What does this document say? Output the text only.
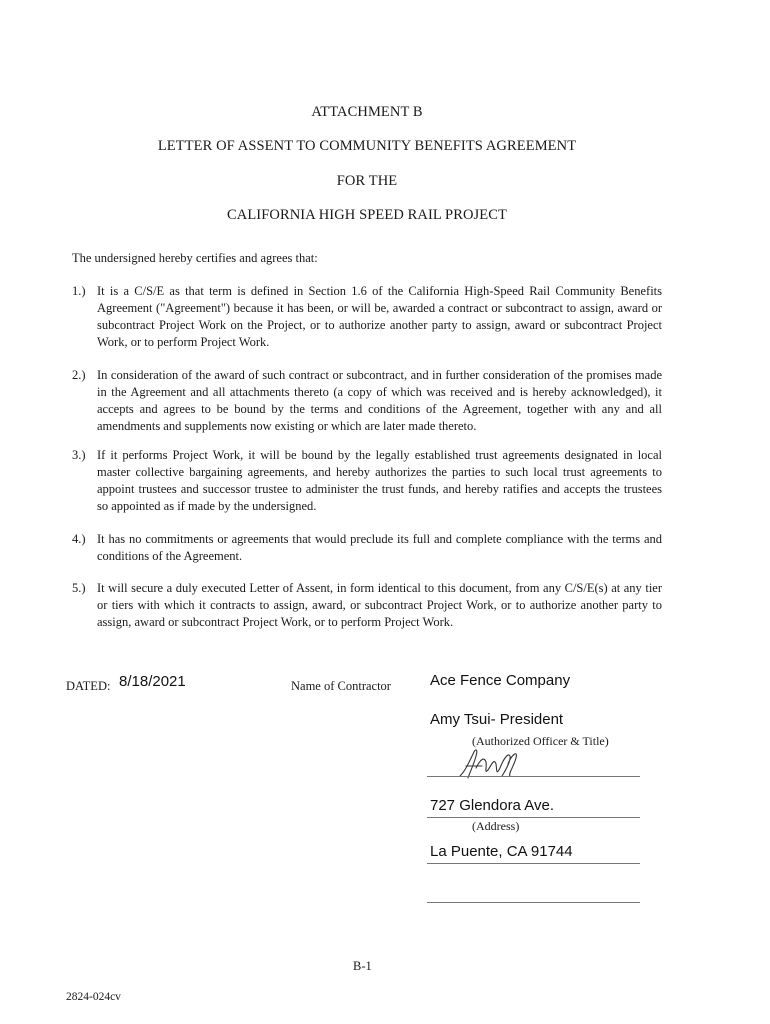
ATTACHMENT B
LETTER OF ASSENT TO COMMUNITY BENEFITS AGREEMENT
FOR THE
CALIFORNIA HIGH SPEED RAIL PROJECT
The undersigned hereby certifies and agrees that:
1.) It is a C/S/E as that term is defined in Section 1.6 of the California High-Speed Rail Community Benefits Agreement ("Agreement") because it has been, or will be, awarded a contract or subcontract to assign, award or subcontract Project Work on the Project, or to authorize another party to assign, award or subcontract Project Work, or to perform Project Work.
2.) In consideration of the award of such contract or subcontract, and in further consideration of the promises made in the Agreement and all attachments thereto (a copy of which was received and is hereby acknowledged), it accepts and agrees to be bound by the terms and conditions of the Agreement, together with any and all amendments and supplements now existing or which are later made thereto.
3.) If it performs Project Work, it will be bound by the legally established trust agreements designated in local master collective bargaining agreements, and hereby authorizes the parties to such local trust agreements to appoint trustees and successor trustee to administer the trust funds, and hereby ratifies and accepts the trustees so appointed as if made by the undersigned.
4.) It has no commitments or agreements that would preclude its full and complete compliance with the terms and conditions of the Agreement.
5.) It will secure a duly executed Letter of Assent, in form identical to this document, from any C/S/E(s) at any tier or tiers with which it contracts to assign, award, or subcontract Project Work, or to authorize another party to assign, award or subcontract Project Work, or to perform Project Work.
DATED: 8/18/2021	Name of Contractor	Ace Fence Company
Amy Tsui- President
(Authorized Officer & Title)
727 Glendora Ave.
(Address)
La Puente, CA 91744
B-1
2824-024cv
